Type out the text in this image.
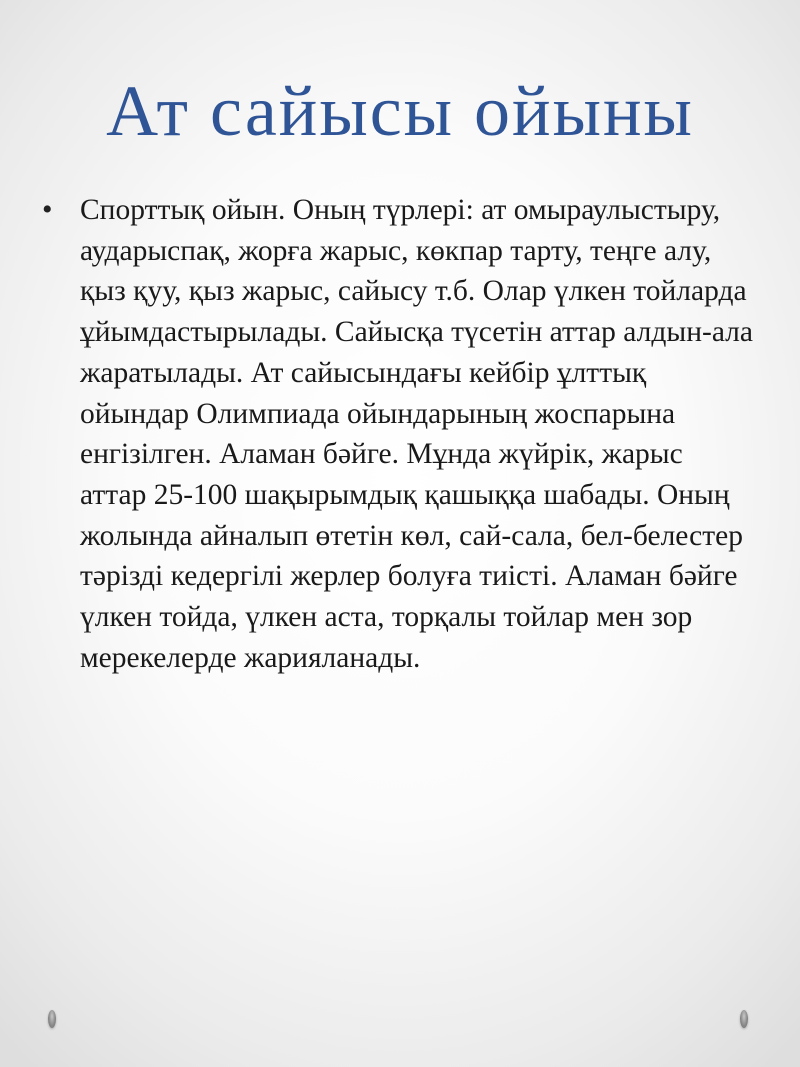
Ат сайысы ойыны
• Спорттық ойын. Оның түрлері: ат омыраулыстыру, аударыспақ, жорға жарыс, көкпар тарту, теңге алу, қыз қуу, қыз жарыс, сайысу т.б. Олар үлкен тойларда ұйымдастырылады. Сайысқа түсетін аттар алдын-ала жаратылады. Ат сайысындағы кейбір ұлттық ойындар Олимпиада ойындарының жоспарына енгізілген. Аламан бәйге. Мұнда жүйрік, жарыс аттар 25-100 шақырымдық қашыққа шабады. Оның жолында айналып өтетін көл, сай-сала, бел-белестер тәрізді кедергілі жерлер болуға тиісті. Аламан бәйге үлкен тойда, үлкен аста, торқалы тойлар мен зор мерекелерде жарияланады.
